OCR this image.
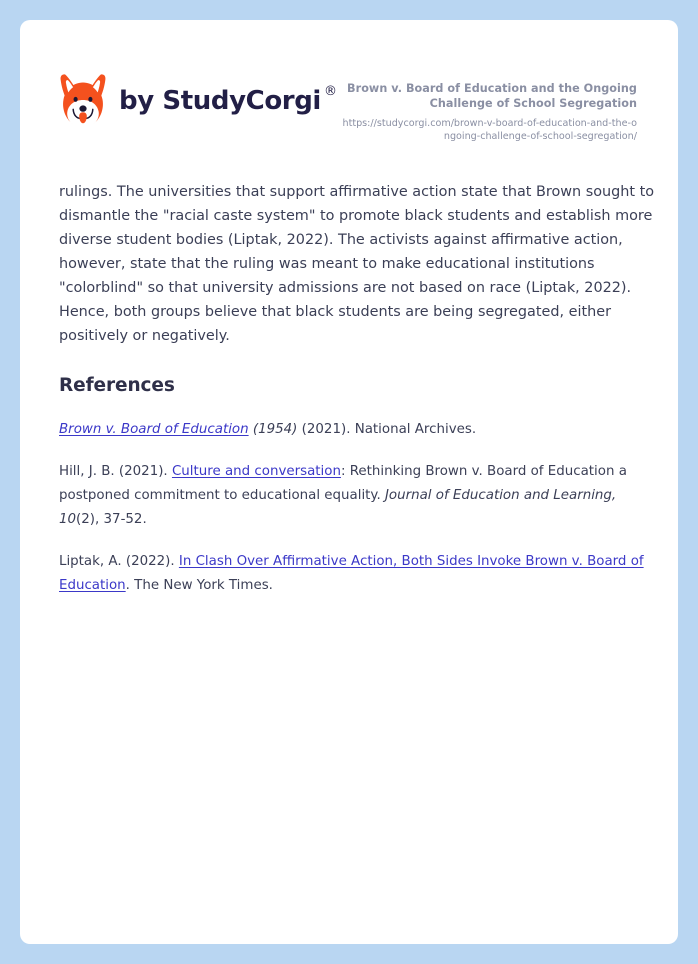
by StudyCorgi ® Brown v. Board of Education and the Ongoing Challenge of School Segregation
https://studycorgi.com/brown-v-board-of-education-and-the-ongoing-challenge-of-school-segregation/

rulings. The universities that support affirmative action state that Brown sought to dismantle the "racial caste system" to promote black students and establish more diverse student bodies (Liptak, 2022). The activists against affirmative action, however, state that the ruling was meant to make educational institutions "colorblind" so that university admissions are not based on race (Liptak, 2022). Hence, both groups believe that black students are being segregated, either positively or negatively.

References
Brown v. Board of Education (1954) (2021). National Archives.
Hill, J. B. (2021). Culture and conversation: Rethinking Brown v. Board of Education a postponed commitment to educational equality. Journal of Education and Learning, 10(2), 37-52.
Liptak, A. (2022). In Clash Over Affirmative Action, Both Sides Invoke Brown v. Board of Education. The New York Times.
